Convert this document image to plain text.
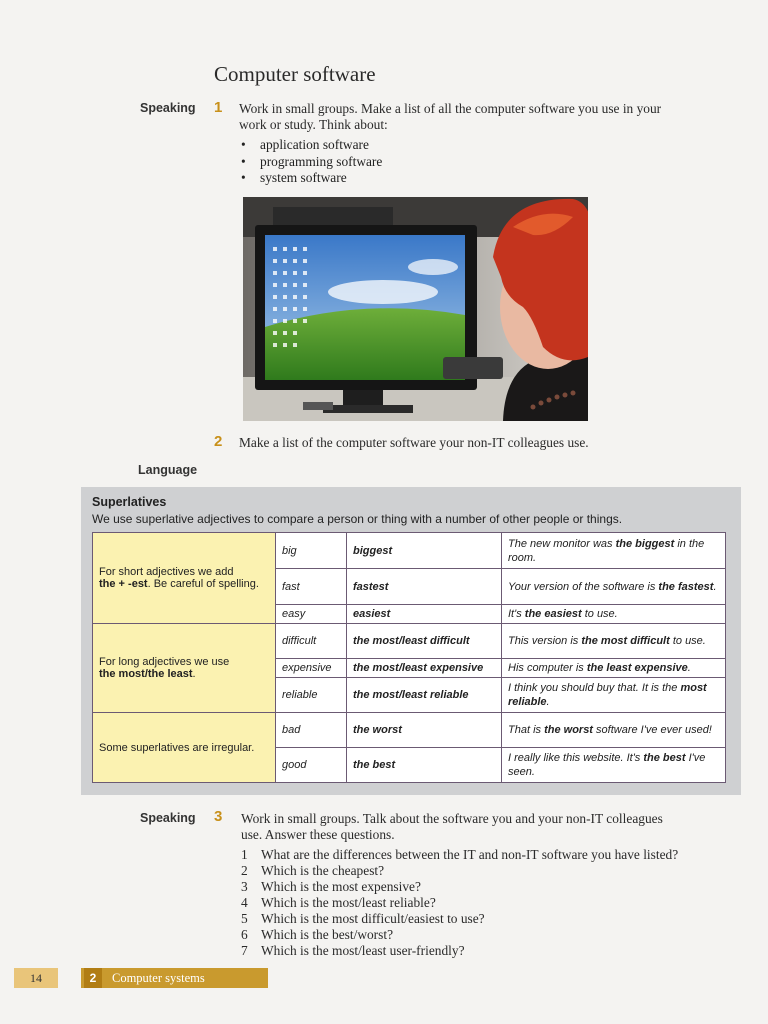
Computer software
Speaking 1 Work in small groups. Make a list of all the computer software you use in your
work or study. Think about:
• application software
• programming software
• system software
2 Make a list of the computer software your non-IT colleagues use.
Language
Superlatives
We use superlative adjectives to compare a person or thing with a number of other people or things.
For short adjectives we add
the + -est. Be careful of spelling.	big	biggest	The new monitor was the biggest in the room.
	fast	fastest	Your version of the software is the fastest.
	easy	easiest	It's the easiest to use.
For long adjectives we use
the most/the least.	difficult	the most/least difficult	This version is the most difficult to use.
	expensive	the most/least expensive	His computer is the least expensive.
	reliable	the most/least reliable	I think you should buy that. It is the most reliable.
Some superlatives are irregular.	bad	the worst	That is the worst software I've ever used!
	good	the best	I really like this website. It's the best I've seen.
Speaking 3 Work in small groups. Talk about the software you and your non-IT colleagues
use. Answer these questions.
1 What are the differences between the IT and non-IT software you have listed?
2 Which is the cheapest?
3 Which is the most expensive?
4 Which is the most/least reliable?
5 Which is the most difficult/easiest to use?
6 Which is the best/worst?
7 Which is the most/least user-friendly?
14	2	Computer systems
